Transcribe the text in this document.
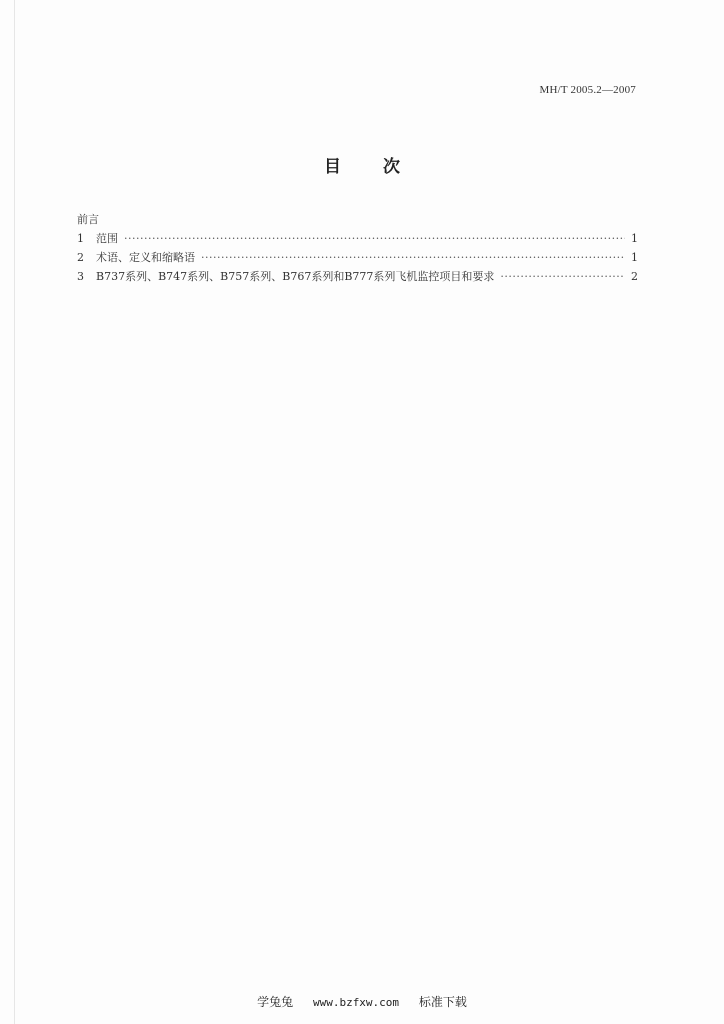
MH/T 2005.2—2007
目次
前言
1	范围 ·····	1
2	术语、定义和缩略语 ·····	1
3	B737系列、B747系列、B757系列、B767系列和B777系列飞机监控项目和要求 ·····	2
学兔兔 www.bzfxw.com 标准下载
